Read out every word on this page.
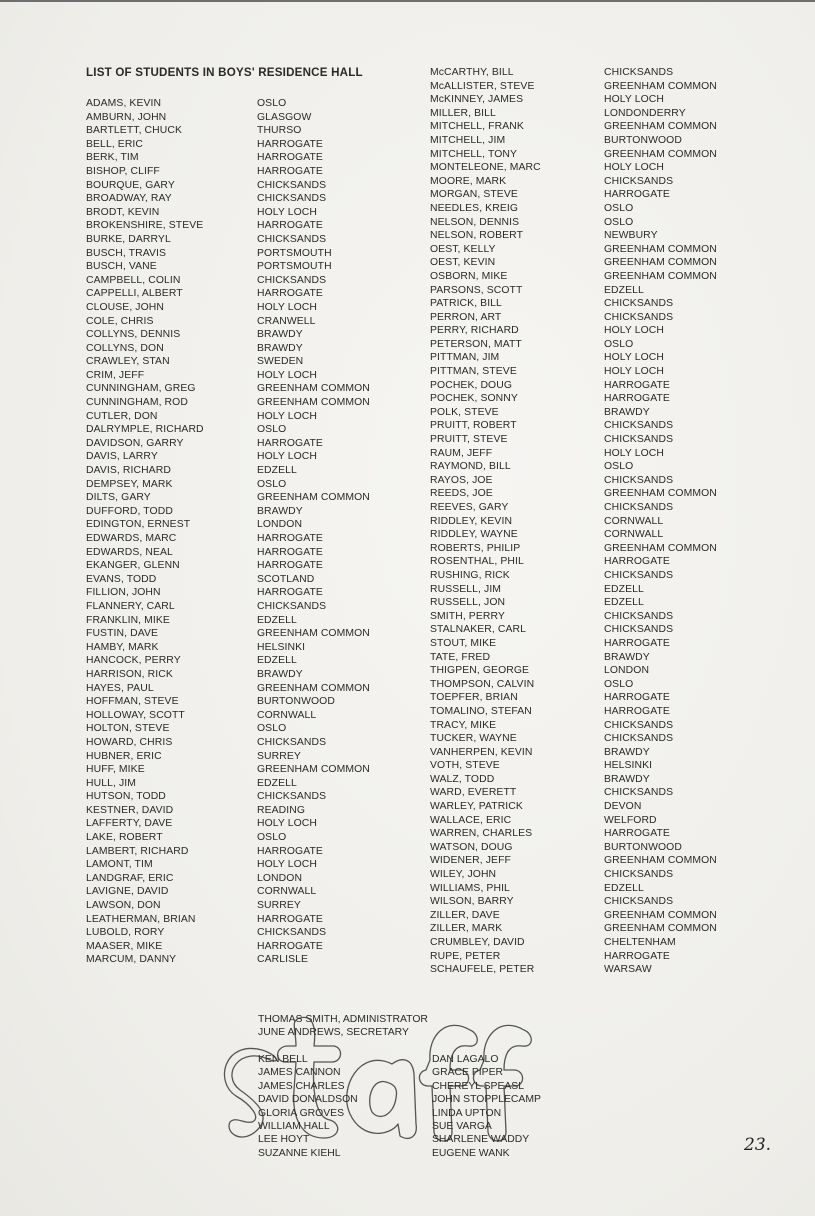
LIST OF STUDENTS IN BOYS' RESIDENCE HALL
ADAMS, KEVIN
AMBURN, JOHN
BARTLETT, CHUCK
BELL, ERIC
BERK, TIM
BISHOP, CLIFF
BOURQUE, GARY
BROADWAY, RAY
BRODT, KEVIN
BROKENSHIRE, STEVE
BURKE, DARRYL
BUSCH, TRAVIS
BUSCH, VANE
CAMPBELL, COLIN
CAPPELLI, ALBERT
CLOUSE, JOHN
COLE, CHRIS
COLLYNS, DENNIS
COLLYNS, DON
CRAWLEY, STAN
CRIM, JEFF
CUNNINGHAM, GREG
CUNNINGHAM, ROD
CUTLER, DON
DALRYMPLE, RICHARD
DAVIDSON, GARRY
DAVIS, LARRY
DAVIS, RICHARD
DEMPSEY, MARK
DILTS, GARY
DUFFORD, TODD
EDINGTON, ERNEST
EDWARDS, MARC
EDWARDS, NEAL
EKANGER, GLENN
EVANS, TODD
FILLION, JOHN
FLANNERY, CARL
FRANKLIN, MIKE
FUSTIN, DAVE
HAMBY, MARK
HANCOCK, PERRY
HARRISON, RICK
HAYES, PAUL
HOFFMAN, STEVE
HOLLOWAY, SCOTT
HOLTON, STEVE
HOWARD, CHRIS
HUBNER, ERIC
HUFF, MIKE
HULL, JIM
HUTSON, TODD
KESTNER, DAVID
LAFFERTY, DAVE
LAKE, ROBERT
LAMBERT, RICHARD
LAMONT, TIM
LANDGRAF, ERIC
LAVIGNE, DAVID
LAWSON, DON
LEATHERMAN, BRIAN
LUBOLD, RORY
MAASER, MIKE
MARCUM, DANNY
OSLO
GLASGOW
THURSO
HARROGATE
HARROGATE
HARROGATE
CHICKSANDS
CHICKSANDS
HOLY LOCH
HARROGATE
CHICKSANDS
PORTSMOUTH
PORTSMOUTH
CHICKSANDS
HARROGATE
HOLY LOCH
CRANWELL
BRAWDY
BRAWDY
SWEDEN
HOLY LOCH
GREENHAM COMMON
GREENHAM COMMON
HOLY LOCH
OSLO
HARROGATE
HOLY LOCH
EDZELL
OSLO
GREENHAM COMMON
BRAWDY
LONDON
HARROGATE
HARROGATE
HARROGATE
SCOTLAND
HARROGATE
CHICKSANDS
EDZELL
GREENHAM COMMON
HELSINKI
EDZELL
BRAWDY
GREENHAM COMMON
BURTONWOOD
CORNWALL
OSLO
CHICKSANDS
SURREY
GREENHAM COMMON
EDZELL
CHICKSANDS
READING
HOLY LOCH
OSLO
HARROGATE
HOLY LOCH
LONDON
CORNWALL
SURREY
HARROGATE
CHICKSANDS
HARROGATE
CARLISLE
McCARTHY, BILL
McALLISTER, STEVE
McKINNEY, JAMES
MILLER, BILL
MITCHELL, FRANK
MITCHELL, JIM
MITCHELL, TONY
MONTELEONE, MARC
MOORE, MARK
MORGAN, STEVE
NEEDLES, KREIG
NELSON, DENNIS
NELSON, ROBERT
OEST, KELLY
OEST, KEVIN
OSBORN, MIKE
PARSONS, SCOTT
PATRICK, BILL
PERRON, ART
PERRY, RICHARD
PETERSON, MATT
PITTMAN, JIM
PITTMAN, STEVE
POCHEK, DOUG
POCHEK, SONNY
POLK, STEVE
PRUITT, ROBERT
PRUITT, STEVE
RAUM, JEFF
RAYMOND, BILL
RAYOS, JOE
REEDS, JOE
REEVES, GARY
RIDDLEY, KEVIN
RIDDLEY, WAYNE
ROBERTS, PHILIP
ROSENTHAL, PHIL
RUSHING, RICK
RUSSELL, JIM
RUSSELL, JON
SMITH, PERRY
STALNAKER, CARL
STOUT, MIKE
TATE, FRED
THIGPEN, GEORGE
THOMPSON, CALVIN
TOEPFER, BRIAN
TOMALINO, STEFAN
TRACY, MIKE
TUCKER, WAYNE
VANHERPEN, KEVIN
VOTH, STEVE
WALZ, TODD
WARD, EVERETT
WARLEY, PATRICK
WALLACE, ERIC
WARREN, CHARLES
WATSON, DOUG
WIDENER, JEFF
WILEY, JOHN
WILLIAMS, PHIL
WILSON, BARRY
ZILLER, DAVE
ZILLER, MARK
CRUMBLEY, DAVID
RUPE, PETER
SCHAUFELE, PETER
CHICKSANDS
GREENHAM COMMON
HOLY LOCH
LONDONDERRY
GREENHAM COMMON
BURTONWOOD
GREENHAM COMMON
HOLY LOCH
CHICKSANDS
HARROGATE
OSLO
OSLO
NEWBURY
GREENHAM COMMON
GREENHAM COMMON
GREENHAM COMMON
EDZELL
CHICKSANDS
CHICKSANDS
HOLY LOCH
OSLO
HOLY LOCH
HOLY LOCH
HARROGATE
HARROGATE
BRAWDY
CHICKSANDS
CHICKSANDS
HOLY LOCH
OSLO
CHICKSANDS
GREENHAM COMMON
CHICKSANDS
CORNWALL
CORNWALL
GREENHAM COMMON
HARROGATE
CHICKSANDS
EDZELL
EDZELL
CHICKSANDS
CHICKSANDS
HARROGATE
BRAWDY
LONDON
OSLO
HARROGATE
HARROGATE
CHICKSANDS
CHICKSANDS
BRAWDY
HELSINKI
BRAWDY
CHICKSANDS
DEVON
WELFORD
HARROGATE
BURTONWOOD
GREENHAM COMMON
CHICKSANDS
EDZELL
CHICKSANDS
GREENHAM COMMON
GREENHAM COMMON
CHELTENHAM
HARROGATE
WARSAW
THOMAS SMITH, ADMINISTRATOR
JUNE ANDREWS, SECRETARY
KEN BELL
JAMES CANNON
JAMES CHARLES
DAVID DONALDSON
GLORIA GROVES
WILLIAM HALL
LEE HOYT
SUZANNE KIEHL
DAN LAGALO
GRACE PIPER
CHEREYL SPEASL
JOHN STOPPLECAMP
LINDA UPTON
SUE VARGA
SHARLENE WADDY
EUGENE WANK	23.
